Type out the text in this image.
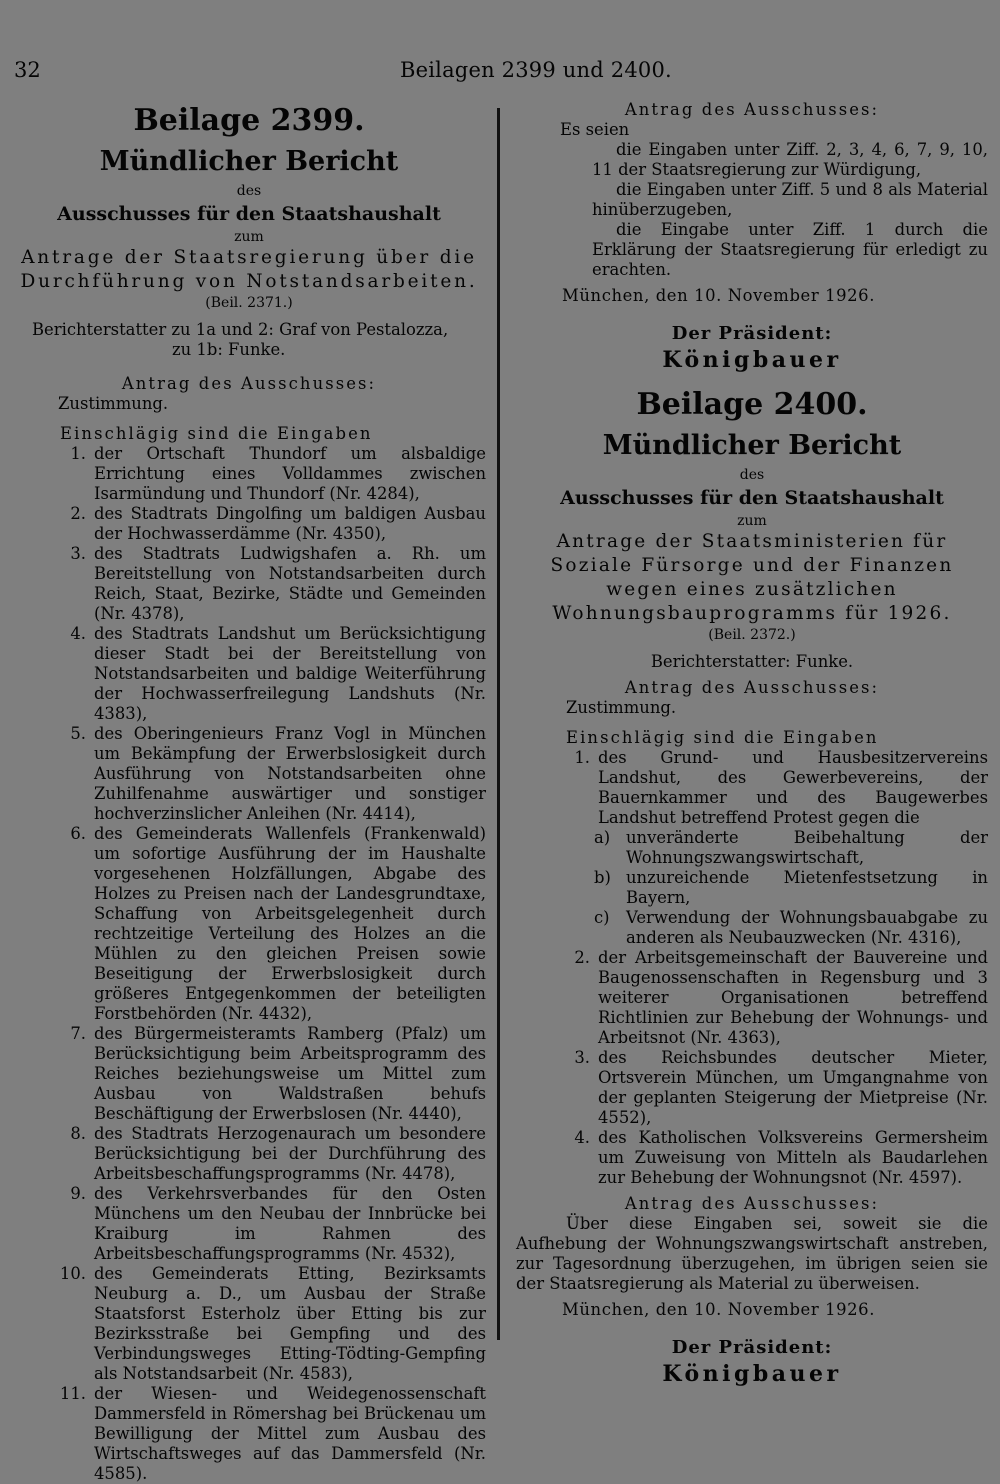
32	Beilagen 2399 und 2400.
Beilage 2399.
Mündlicher Bericht
des
Ausschusses für den Staatshaushalt
zum
Antrage der Staatsregierung über die
Durchführung von Notstandsarbeiten.
(Beil. 2371.)
Berichterstatter zu 1a und 2: Graf von Pestalozza,
zu 1b: Funke.
Antrag des Ausschusses:
Zustimmung.
Einschlägig sind die Eingaben
1. der Ortschaft Thundorf um alsbaldige Errichtung eines Volldammes zwischen Isarmündung und Thundorf (Nr. 4284),
2. des Stadtrats Dingolfing um baldigen Ausbau der Hochwasserdämme (Nr. 4350),
3. des Stadtrats Ludwigshafen a. Rh. um Bereitstellung von Notstandsarbeiten durch Reich, Staat, Bezirke, Städte und Gemeinden (Nr. 4378),
4. des Stadtrats Landshut um Berücksichtigung dieser Stadt bei der Bereitstellung von Notstandsarbeiten und baldige Weiterführung der Hochwasserfreilegung Landshuts (Nr. 4383),
5. des Oberingenieurs Franz Vogl in München um Bekämpfung der Erwerbslosigkeit durch Ausführung von Notstandsarbeiten ohne Zuhilfenahme auswärtiger und sonstiger hochverzinslicher Anleihen (Nr. 4414),
6. des Gemeinderats Wallenfels (Frankenwald) um sofortige Ausführung der im Haushalte vorgesehenen Holzfällungen, Abgabe des Holzes zu Preisen nach der Landesgrundtaxe, Schaffung von Arbeitsgelegenheit durch rechtzeitige Verteilung des Holzes an die Mühlen zu den gleichen Preisen sowie Beseitigung der Erwerbslosigkeit durch größeres Entgegenkommen der beteiligten Forstbehörden (Nr. 4432),
7. des Bürgermeisteramts Ramberg (Pfalz) um Berücksichtigung beim Arbeitsprogramm des Reiches beziehungsweise um Mittel zum Ausbau von Waldstraßen behufs Beschäftigung der Erwerbslosen (Nr. 4440),
8. des Stadtrats Herzogenaurach um besondere Berücksichtigung bei der Durchführung des Arbeitsbeschaffungsprogramms (Nr. 4478),
9. des Verkehrsverbandes für den Osten Münchens um den Neubau der Innbrücke bei Kraiburg im Rahmen des Arbeitsbeschaffungsprogramms (Nr. 4532),
10. des Gemeinderats Etting, Bezirksamts Neuburg a. D., um Ausbau der Straße Staatsforst Esterholz über Etting bis zur Bezirksstraße bei Gempfing und des Verbindungsweges Etting-Tödting-Gempfing als Notstandsarbeit (Nr. 4583),
11. der Wiesen- und Weidegenossenschaft Dammersfeld in Römershag bei Brückenau um Bewilligung der Mittel zum Ausbau des Wirtschaftsweges auf das Dammersfeld (Nr. 4585).
Antrag des Ausschusses:
Es seien
die Eingaben unter Ziff. 2, 3, 4, 6, 7, 9, 10, 11 der Staatsregierung zur Würdigung,
die Eingaben unter Ziff. 5 und 8 als Material hinüberzugeben,
die Eingabe unter Ziff. 1 durch die Erklärung der Staatsregierung für erledigt zu erachten.
München, den 10. November 1926.
Der Präsident:
Königbauer
Beilage 2400.
Mündlicher Bericht
des
Ausschusses für den Staatshaushalt
zum
Antrage der Staatsministerien für Soziale Fürsorge und der Finanzen wegen eines zusätzlichen Wohnungsbauprogramms für 1926.
(Beil. 2372.)
Berichterstatter: Funke.
Antrag des Ausschusses:
Zustimmung.
Einschlägig sind die Eingaben
1. des Grund- und Hausbesitzervereins Landshut, des Gewerbevereins, der Bauernkammer und des Baugewerbes Landshut betreffend Protest gegen die
a) unveränderte Beibehaltung der Wohnungszwangswirtschaft,
b) unzureichende Mietenfestsetzung in Bayern,
c) Verwendung der Wohnungsbauabgabe zu anderen als Neubauzwecken (Nr. 4316),
2. der Arbeitsgemeinschaft der Bauvereine und Baugenossenschaften in Regensburg und 3 weiterer Organisationen betreffend Richtlinien zur Behebung der Wohnungs- und Arbeitsnot (Nr. 4363),
3. des Reichsbundes deutscher Mieter, Ortsverein München, um Umgangnahme von der geplanten Steigerung der Mietpreise (Nr. 4552),
4. des Katholischen Volksvereins Germersheim um Zuweisung von Mitteln als Baudarlehen zur Behebung der Wohnungsnot (Nr. 4597).
Antrag des Ausschusses:
Über diese Eingaben sei, soweit sie die Aufhebung der Wohnungszwangswirtschaft anstreben, zur Tagesordnung überzugehen, im übrigen seien sie der Staatsregierung als Material zu überweisen.
München, den 10. November 1926.
Der Präsident:
Königbauer
